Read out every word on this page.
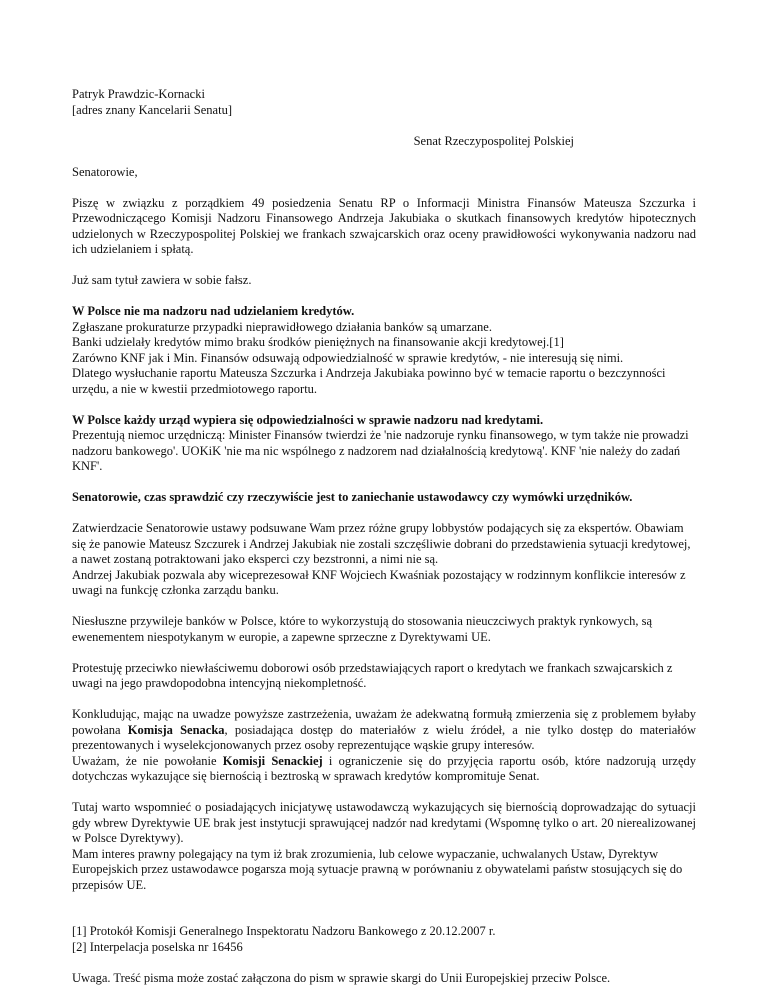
Patryk Prawdzic-Kornacki
[adres znany Kancelarii Senatu]
Senat Rzeczypospolitej Polskiej
Senatorowie,
Piszę w związku z porządkiem 49 posiedzenia Senatu RP o Informacji Ministra Finansów Mateusza Szczurka i Przewodniczącego Komisji Nadzoru Finansowego Andrzeja Jakubiaka o skutkach finansowych kredytów hipotecznych udzielonych w Rzeczypospolitej Polskiej we frankach szwajcarskich oraz oceny prawidłowości wykonywania nadzoru nad ich udzielaniem i spłatą.
Już sam tytuł zawiera w sobie fałsz.
W Polsce nie ma nadzoru nad udzielaniem kredytów.
Zgłaszane prokuraturze przypadki nieprawidłowego działania banków są umarzane.
Banki udzielały kredytów mimo braku środków pieniężnych na finansowanie akcji kredytowej.[1]
Zarówno KNF jak i Min. Finansów odsuwają odpowiedzialność w sprawie kredytów, - nie interesują się nimi.
Dlatego wysłuchanie raportu Mateusza Szczurka i Andrzeja Jakubiaka powinno być w temacie raportu o bezczynności urzędu, a nie w kwestii przedmiotowego raportu.
W Polsce każdy urząd wypiera się odpowiedzialności w sprawie nadzoru nad kredytami.
Prezentują niemoc urzędniczą: Minister Finansów twierdzi że 'nie nadzoruje rynku finansowego, w tym także nie prowadzi nadzoru bankowego'. UOKiK 'nie ma nic wspólnego z nadzorem nad działalnością kredytową'. KNF 'nie należy do zadań KNF'.
Senatorowie, czas sprawdzić czy rzeczywiście jest to zaniechanie ustawodawcy czy wymówki urzędników.
Zatwierdzacie Senatorowie ustawy podsuwane Wam przez różne grupy lobbystów podających się za ekspertów. Obawiam się że panowie Mateusz Szczurek i Andrzej Jakubiak nie zostali szczęśliwie dobrani do przedstawienia sytuacji kredytowej, a nawet zostaną potraktowani jako eksperci czy bezstronni, a nimi nie są.
Andrzej Jakubiak pozwala aby wiceprezesował KNF Wojciech Kwaśniak pozostający w rodzinnym konflikcie interesów z uwagi na funkcję członka zarządu banku.
Niesłuszne przywileje banków w Polsce, które to wykorzystują do stosowania nieuczciwych praktyk rynkowych, są ewenementem niespotykanym w europie, a zapewne sprzeczne z Dyrektywami UE.
Protestuję przeciwko niewłaściwemu doborowi osób przedstawiających raport o kredytach we frankach szwajcarskich z uwagi na jego prawdopodobna intencyjną niekompletność.
Konkludując, mając na uwadze powyższe zastrzeżenia, uważam że adekwatną formułą zmierzenia się z problemem byłaby powołana Komisja Senacka, posiadająca dostęp do materiałów z wielu źródeł, a nie tylko dostęp do materiałów prezentowanych i wyselekcjonowanych przez osoby reprezentujące wąskie grupy interesów.
Uważam, że nie powołanie Komisji Senackiej i ograniczenie się do przyjęcia raportu osób, które nadzorują urzędy dotychczas wykazujące się biernością i beztroską w sprawach kredytów kompromituje Senat.
Tutaj warto wspomnieć o posiadających inicjatywę ustawodawczą wykazujących się biernością doprowadzając do sytuacji gdy wbrew Dyrektywie UE brak jest instytucji sprawującej nadzór nad kredytami (Wspomnę tylko o art. 20 nierealizowanej w Polsce Dyrektywy).
Mam interes prawny polegający na tym iż brak zrozumienia, lub celowe wypaczanie, uchwalanych Ustaw, Dyrektyw Europejskich przez ustawodawce pogarsza moją sytuacje prawną w porównaniu z obywatelami państw stosujących się do przepisów UE.
[1] Protokół Komisji Generalnego Inspektoratu Nadzoru Bankowego z 20.12.2007 r.
[2] Interpelacja poselska nr 16456
Uwaga. Treść pisma może zostać załączona do pism w sprawie skargi do Unii Europejskiej przeciw Polsce.
